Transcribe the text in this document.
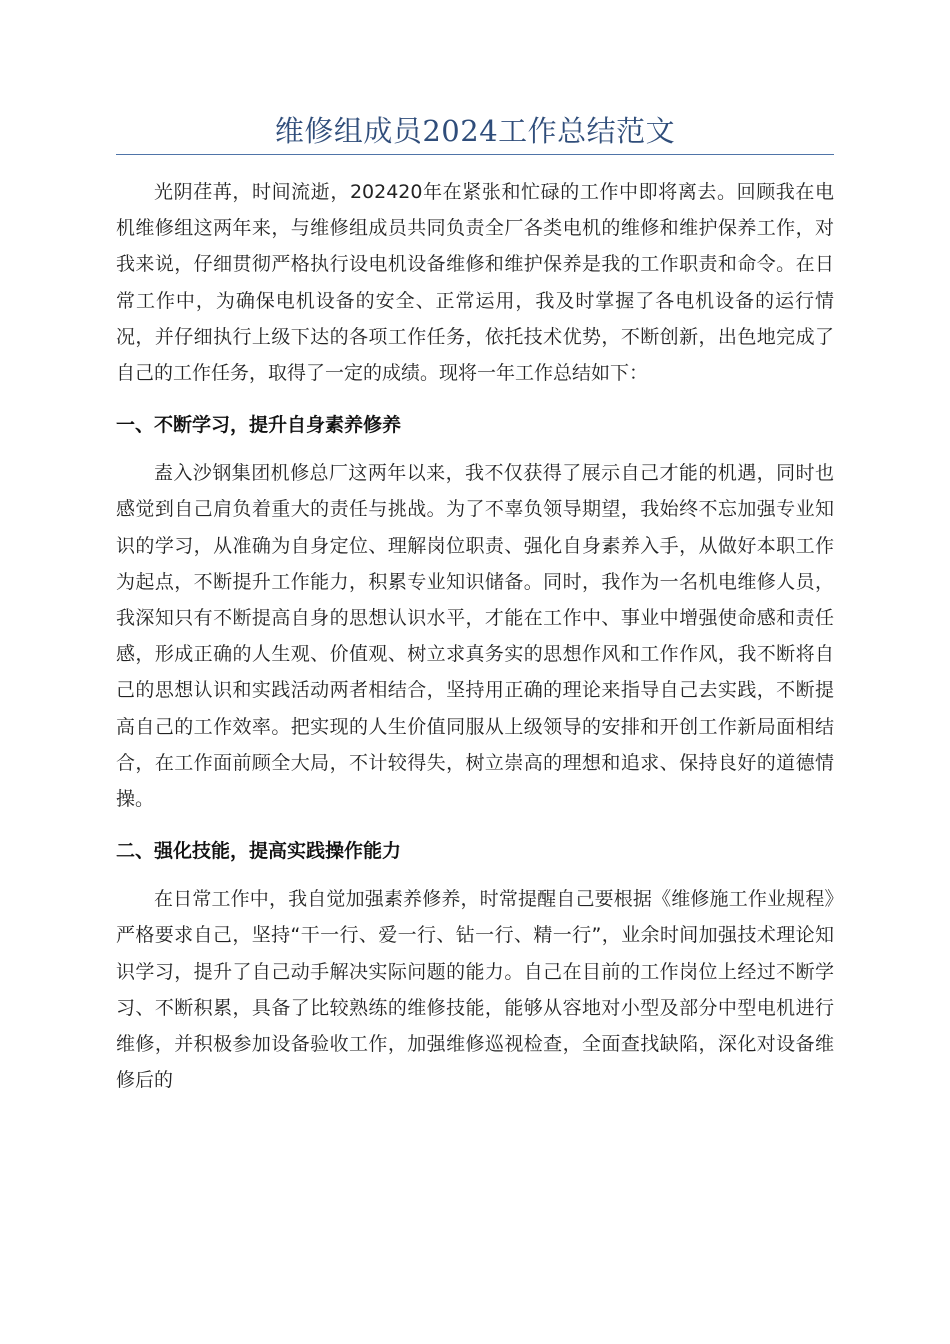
维修组成员2024工作总结范文

光阴荏苒，时间流逝，202420年在紧张和忙碌的工作中即将离去。回顾我在电机维修组这两年来，与维修组成员共同负责全厂各类电机的维修和维护保养工作，对我来说，仔细贯彻严格执行设电机设备维修和维护保养是我的工作职责和命令。在日常工作中，为确保电机设备的安全、正常运用，我及时掌握了各电机设备的运行情况，并仔细执行上级下达的各项工作任务，依托技术优势，不断创新，出色地完成了自己的工作任务，取得了一定的成绩。现将一年工作总结如下：

一、不断学习，提升自身素养修养

盍入沙钢集团机修总厂这两年以来，我不仅获得了展示自己才能的机遇，同时也感觉到自己肩负着重大的责任与挑战。为了不辜负领导期望，我始终不忘加强专业知识的学习，从准确为自身定位、理解岗位职责、强化自身素养入手，从做好本职工作为起点，不断提升工作能力，积累专业知识储备。同时，我作为一名机电维修人员，我深知只有不断提高自身的思想认识水平，才能在工作中、事业中增强使命感和责任感，形成正确的人生观、价值观、树立求真务实的思想作风和工作作风，我不断将自己的思想认识和实践活动两者相结合，坚持用正确的理论来指导自己去实践，不断提高自己的工作效率。把实现的人生价值同服从上级领导的安排和开创工作新局面相结合，在工作面前顾全大局，不计较得失，树立崇高的理想和追求、保持良好的道德情操。

二、强化技能，提高实践操作能力

在日常工作中，我自觉加强素养修养，时常提醒自己要根据《维修施工作业规程》严格要求自己，坚持“干一行、爱一行、钻一行、精一行”，业余时间加强技术理论知识学习，提升了自己动手解决实际问题的能力。自己在目前的工作岗位上经过不断学习、不断积累，具备了比较熟练的维修技能，能够从容地对小型及部分中型电机进行维修，并积极参加设备验收工作，加强维修巡视检查，全面查找缺陷，深化对设备维修后的
